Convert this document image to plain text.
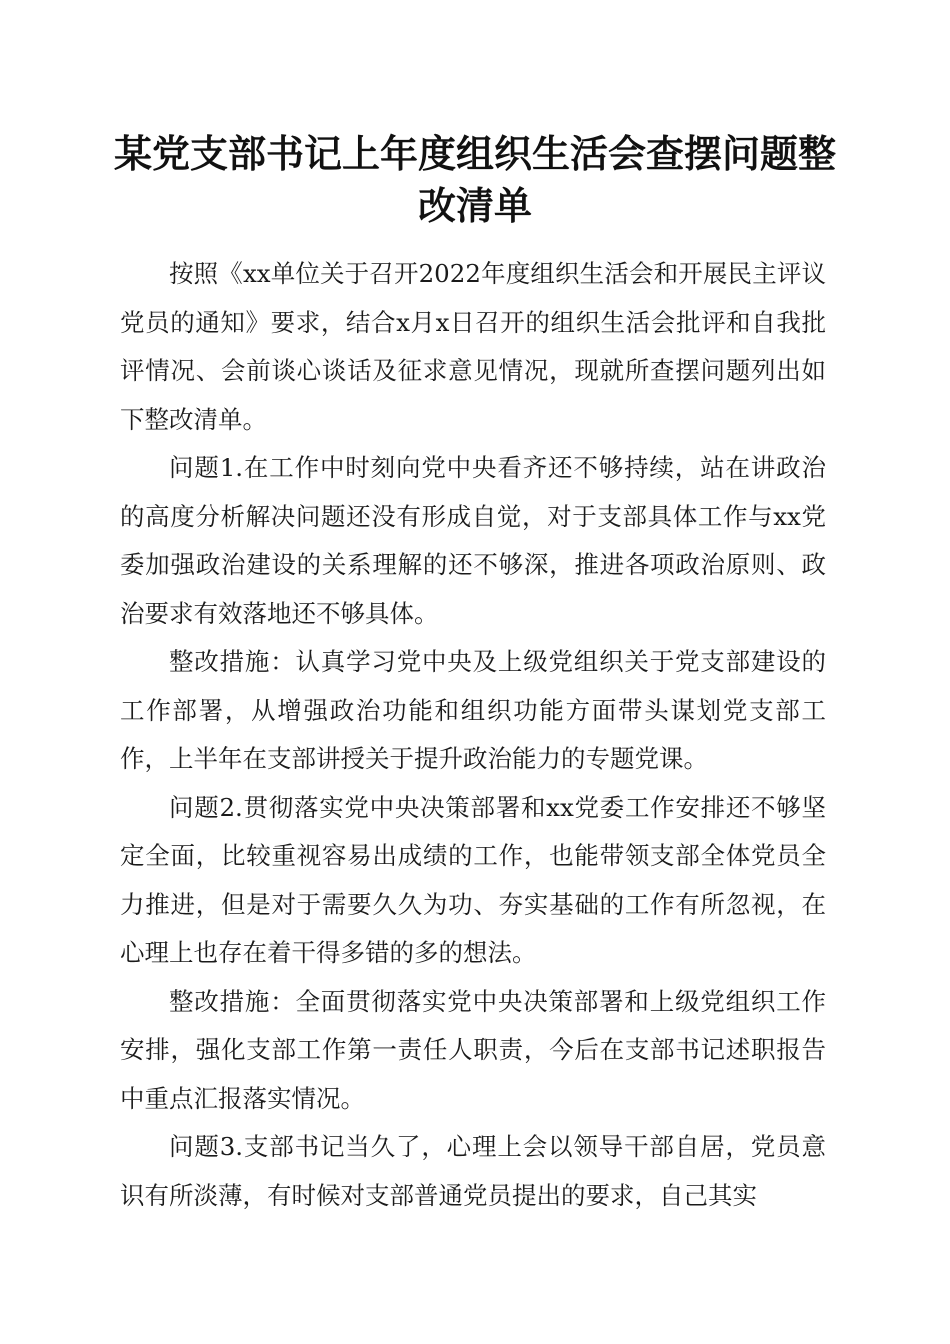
某党支部书记上年度组织生活会查摆问题整改清单

按照《xx单位关于召开2022年度组织生活会和开展民主评议党员的通知》要求，结合x月x日召开的组织生活会批评和自我批评情况、会前谈心谈话及征求意见情况，现就所查摆问题列出如下整改清单。

问题1.在工作中时刻向党中央看齐还不够持续，站在讲政治的高度分析解决问题还没有形成自觉，对于支部具体工作与xx党委加强政治建设的关系理解的还不够深，推进各项政治原则、政治要求有效落地还不够具体。

整改措施：认真学习党中央及上级党组织关于党支部建设的工作部署，从增强政治功能和组织功能方面带头谋划党支部工作，上半年在支部讲授关于提升政治能力的专题党课。

问题2.贯彻落实党中央决策部署和xx党委工作安排还不够坚定全面，比较重视容易出成绩的工作，也能带领支部全体党员全力推进，但是对于需要久久为功、夯实基础的工作有所忽视，在心理上也存在着干得多错的多的想法。

整改措施：全面贯彻落实党中央决策部署和上级党组织工作安排，强化支部工作第一责任人职责，今后在支部书记述职报告中重点汇报落实情况。

问题3.支部书记当久了，心理上会以领导干部自居，党员意识有所淡薄，有时候对支部普通党员提出的要求，自己其实
